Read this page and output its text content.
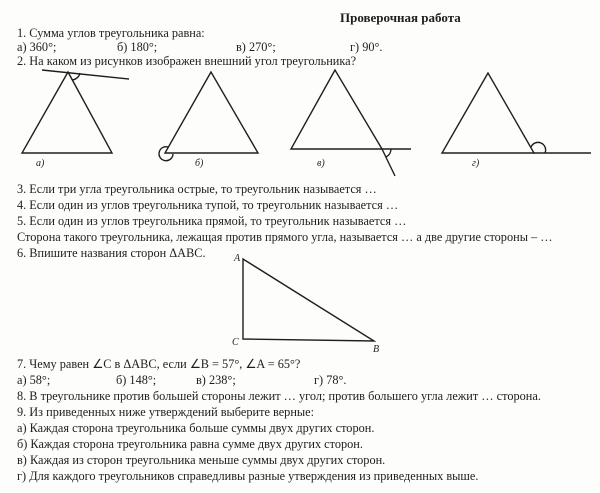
Проверочная работа
1. Сумма углов треугольника равна:
а) 360°;	б) 180°;	в) 270°;	г) 90°.
2. На каком из рисунков изображен внешний угол треугольника?
а)	б)	в)	г)
A
C
B
3. Если три угла треугольника острые, то треугольник называется …
4. Если один из углов треугольника тупой, то треугольник называется …
5. Если один из углов треугольника прямой, то треугольник называется …
Сторона такого треугольника, лежащая против прямого угла, называется … а две другие стороны – …
6. Впишите названия сторон ΔABC.
7. Чему равен ∠C в ΔABC, если ∠B = 57°, ∠A = 65°?
а) 58°;	б) 148°;	в) 238°;	г) 78°.
8. В треугольнике против большей стороны лежит … угол; против большего угла лежит … сторона.
9. Из приведенных ниже утверждений выберите верные:
а) Каждая сторона треугольника больше суммы двух других сторон.
б) Каждая сторона треугольника равна сумме двух других сторон.
в) Каждая из сторон треугольника меньше суммы двух других сторон.
г) Для каждого треугольников справедливы разные утверждения из приведенных выше.
